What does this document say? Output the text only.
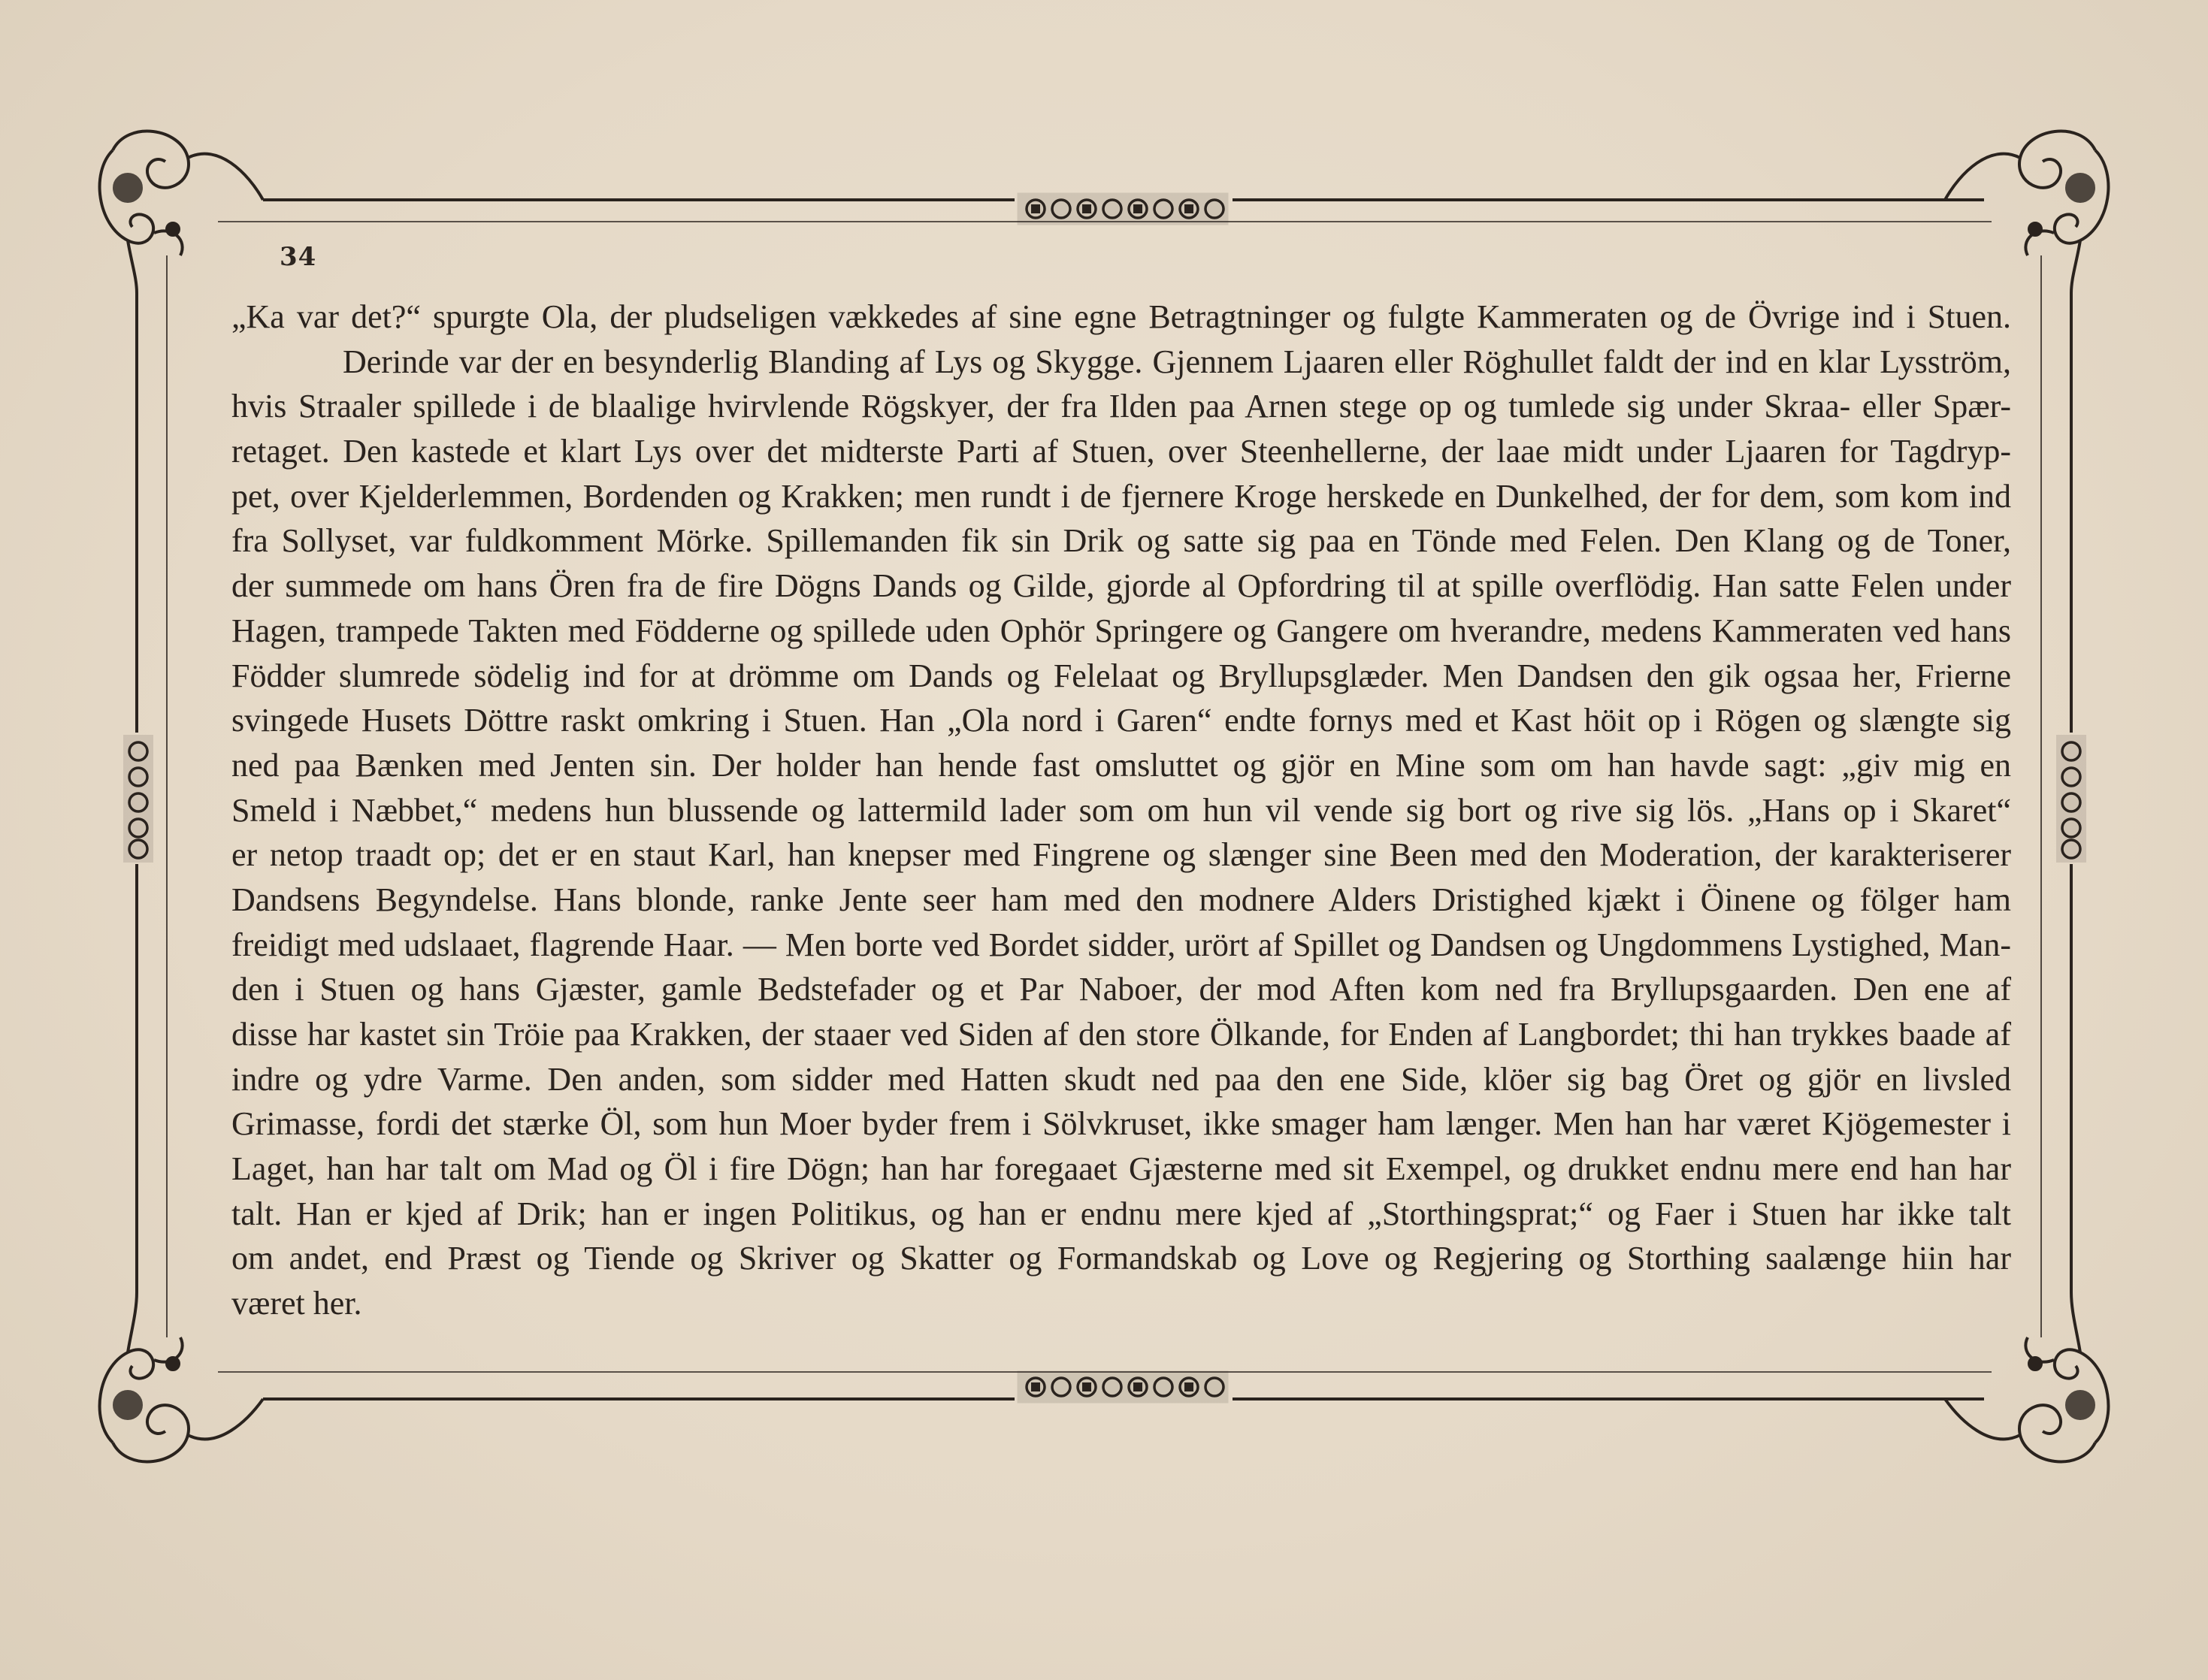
34
„Ka var det?“ spurgte Ola, der pludseligen vækkedes af sine egne Betragtninger og fulgte Kammeraten og de Övrige ind i Stuen.
Derinde var der en besynderlig Blanding af Lys og Skygge. Gjennem Ljaaren eller Röghullet faldt der ind en klar Lysström,
hvis Straaler spillede i de blaalige hvirvlende Rögskyer, der fra Ilden paa Arnen stege op og tumlede sig under Skraa- eller Spær-
retaget. Den kastede et klart Lys over det midterste Parti af Stuen, over Steenhellerne, der laae midt under Ljaaren for Tagdryp-
pet, over Kjelderlemmen, Bordenden og Krakken; men rundt i de fjernere Kroge herskede en Dunkelhed, der for dem, som kom ind
fra Sollyset, var fuldkomment Mörke. Spillemanden fik sin Drik og satte sig paa en Tönde med Felen. Den Klang og de Toner,
der summede om hans Ören fra de fire Dögns Dands og Gilde, gjorde al Opfordring til at spille overflödig. Han satte Felen under
Hagen, trampede Takten med Födderne og spillede uden Ophör Springere og Gangere om hverandre, medens Kammeraten ved hans
Födder slumrede södelig ind for at drömme om Dands og Felelaat og Bryllupsglæder. Men Dandsen den gik ogsaa her, Frierne
svingede Husets Döttre raskt omkring i Stuen. Han „Ola nord i Garen“ endte fornys med et Kast höit op i Rögen og slængte sig
ned paa Bænken med Jenten sin. Der holder han hende fast omsluttet og gjör en Mine som om han havde sagt: „giv mig en
Smeld i Næbbet,“ medens hun blussende og lattermild lader som om hun vil vende sig bort og rive sig lös. „Hans op i Skaret“
er netop traadt op; det er en staut Karl, han knepser med Fingrene og slænger sine Been med den Moderation, der karakteriserer
Dandsens Begyndelse. Hans blonde, ranke Jente seer ham med den modnere Alders Dristighed kjækt i Öinene og fölger ham
freidigt med udslaaet, flagrende Haar. — Men borte ved Bordet sidder, urört af Spillet og Dandsen og Ungdommens Lystighed, Man-
den i Stuen og hans Gjæster, gamle Bedstefader og et Par Naboer, der mod Aften kom ned fra Bryllupsgaarden. Den ene af
disse har kastet sin Tröie paa Krakken, der staaer ved Siden af den store Ölkande, for Enden af Langbordet; thi han trykkes baade af
indre og ydre Varme. Den anden, som sidder med Hatten skudt ned paa den ene Side, klöer sig bag Öret og gjör en livsled
Grimasse, fordi det stærke Öl, som hun Moer byder frem i Sölvkruset, ikke smager ham længer. Men han har været Kjögemester i
Laget, han har talt om Mad og Öl i fire Dögn; han har foregaaet Gjæsterne med sit Exempel, og drukket endnu mere end han har
talt. Han er kjed af Drik; han er ingen Politikus, og han er endnu mere kjed af „Storthingsprat;“ og Faer i Stuen har ikke talt
om andet, end Præst og Tiende og Skriver og Skatter og Formandskab og Love og Regjering og Storthing saalænge hiin har
været her.
